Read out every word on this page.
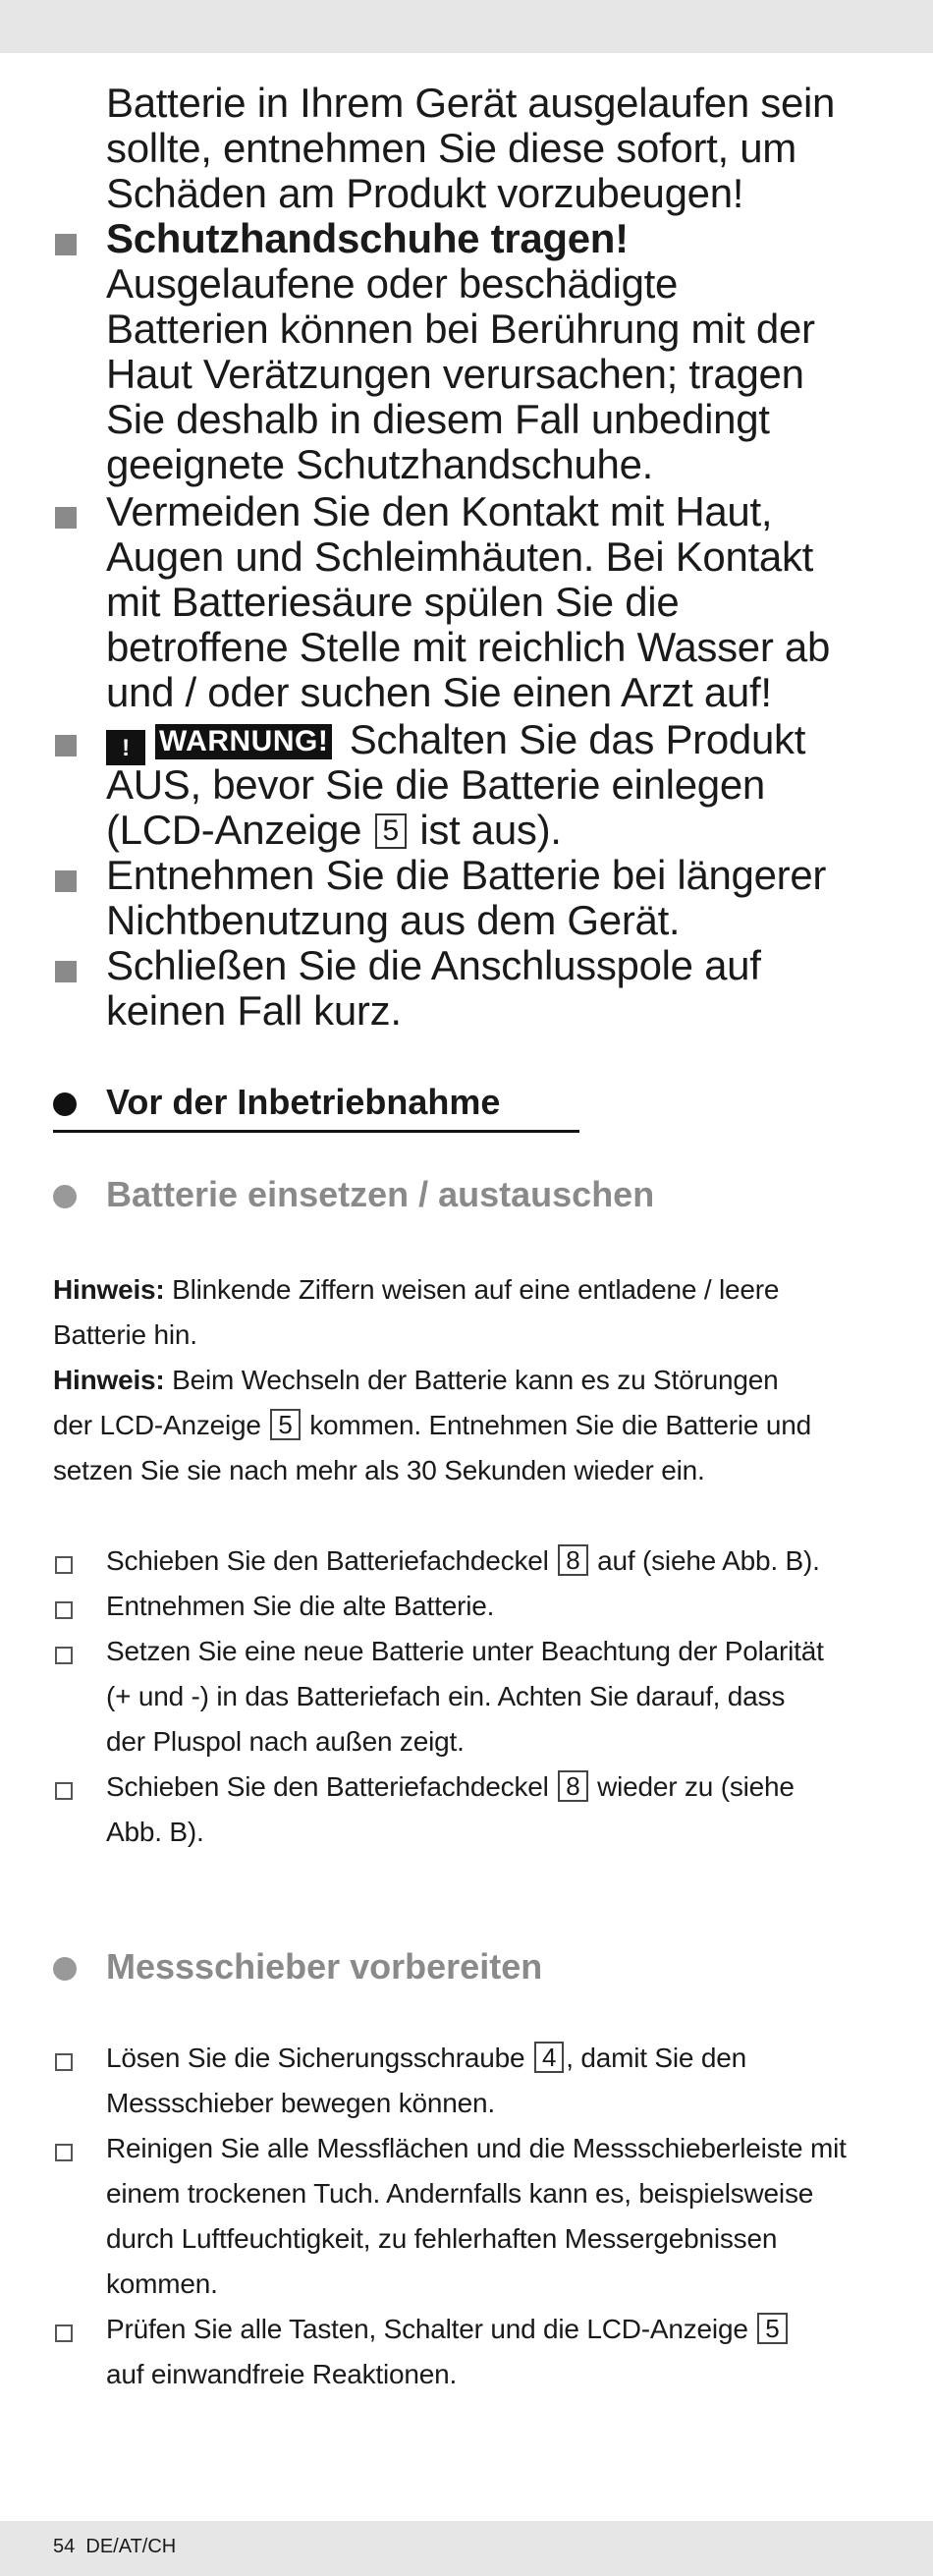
Batterie in Ihrem Gerät ausgelaufen sein
sollte, entnehmen Sie diese sofort, um
Schäden am Produkt vorzubeugen!
Schutzhandschuhe tragen!
Ausgelaufene oder beschädigte
Batterien können bei Berührung mit der
Haut Verätzungen verursachen; tragen
Sie deshalb in diesem Fall unbedingt
geeignete Schutzhandschuhe.
Vermeiden Sie den Kontakt mit Haut,
Augen und Schleimhäuten. Bei Kontakt
mit Batteriesäure spülen Sie die
betroffene Stelle mit reichlich Wasser ab
und / oder suchen Sie einen Arzt auf!
! WARNUNG! Schalten Sie das Produkt
AUS, bevor Sie die Batterie einlegen
(LCD-Anzeige 5 ist aus).
Entnehmen Sie die Batterie bei längerer
Nichtbenutzung aus dem Gerät.
Schließen Sie die Anschlusspole auf
keinen Fall kurz.
Vor der Inbetriebnahme
Batterie einsetzen / austauschen
Hinweis: Blinkende Ziffern weisen auf eine entladene / leere
Batterie hin.
Hinweis: Beim Wechseln der Batterie kann es zu Störungen
der LCD-Anzeige 5 kommen. Entnehmen Sie die Batterie und
setzen Sie sie nach mehr als 30 Sekunden wieder ein.
Schieben Sie den Batteriefachdeckel 8 auf (siehe Abb. B).
Entnehmen Sie die alte Batterie.
Setzen Sie eine neue Batterie unter Beachtung der Polarität
(+ und -) in das Batteriefach ein. Achten Sie darauf, dass
der Pluspol nach außen zeigt.
Schieben Sie den Batteriefachdeckel 8 wieder zu (siehe
Abb. B).
Messschieber vorbereiten
Lösen Sie die Sicherungsschraube 4 , damit Sie den
Messschieber bewegen können.
Reinigen Sie alle Messflächen und die Messschieberleiste mit
einem trockenen Tuch. Andernfalls kann es, beispielsweise
durch Luftfeuchtigkeit, zu fehlerhaften Messergebnissen
kommen.
Prüfen Sie alle Tasten, Schalter und die LCD-Anzeige 5
auf einwandfreie Reaktionen.
54 DE/AT/CH
